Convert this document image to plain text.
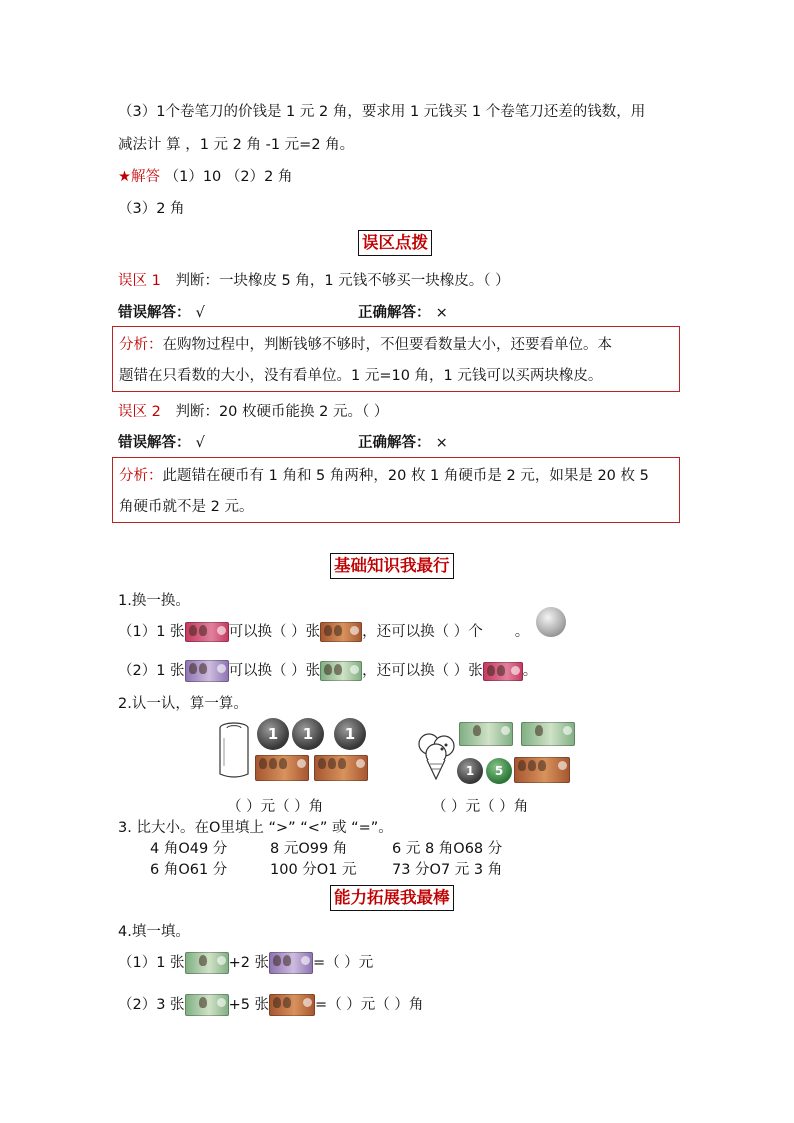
（3）1个卷笔刀的价钱是 1 元 2 角，要求用 1 元钱买 1 个卷笔刀还差的钱数，用
减法计 算 ，1 元 2 角 -1 元=2 角。
★解答 （1）10 （2）2 角
（3）2 角
误区点拨
误区 1 判断：一块橡皮 5 角，1 元钱不够买一块橡皮。（ ）
错误解答： √	正确解答： ×
分析：在购物过程中，判断钱够不够时，不但要看数量大小，还要看单位。本
题错在只看数的大小，没有看单位。1 元=10 角，1 元钱可以买两块橡皮。
误区 2 判断：20 枚硬币能换 2 元。（ ）
错误解答： √	正确解答： ×
分析：此题错在硬币有 1 角和 5 角两种，20 枚 1 角硬币是 2 元，如果是 20 枚 5
角硬币就不是 2 元。
基础知识我最行
1.换一换。
（1）1 张	可以换（ ）张	，还可以换（ ）个 。
（2）1 张	可以换（ ）张	，还可以换（ ）张	。
2.认一认，算一算。
1	1	1
1	5
（ ）元（ ）角	（ ）元（ ）角
3. 比大小。在O里填上 “>” “<” 或 “=”。
4 角O49 分	8 元O99 角	6 元 8 角O68 分
6 角O61 分	100 分O1 元 73 分O7 元 3 角
能力拓展我最棒
4.填一填。
（1）1 张	+2 张	=（ ）元
（2）3 张	+5 张	=（ ）元（ ）角
